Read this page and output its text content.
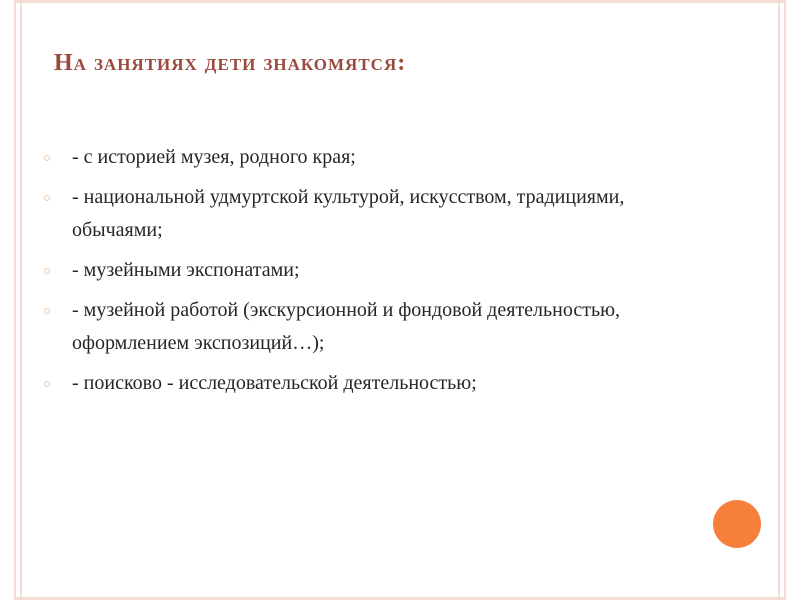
На занятиях дети знакомятся:
- с историей музея, родного края;
- национальной удмуртской культурой, искусством, традициями, обычаями;
- музейными экспонатами;
- музейной работой (экскурсионной и фондовой деятельностью, оформлением экспозиций…);
- поисково - исследовательской деятельностью;
